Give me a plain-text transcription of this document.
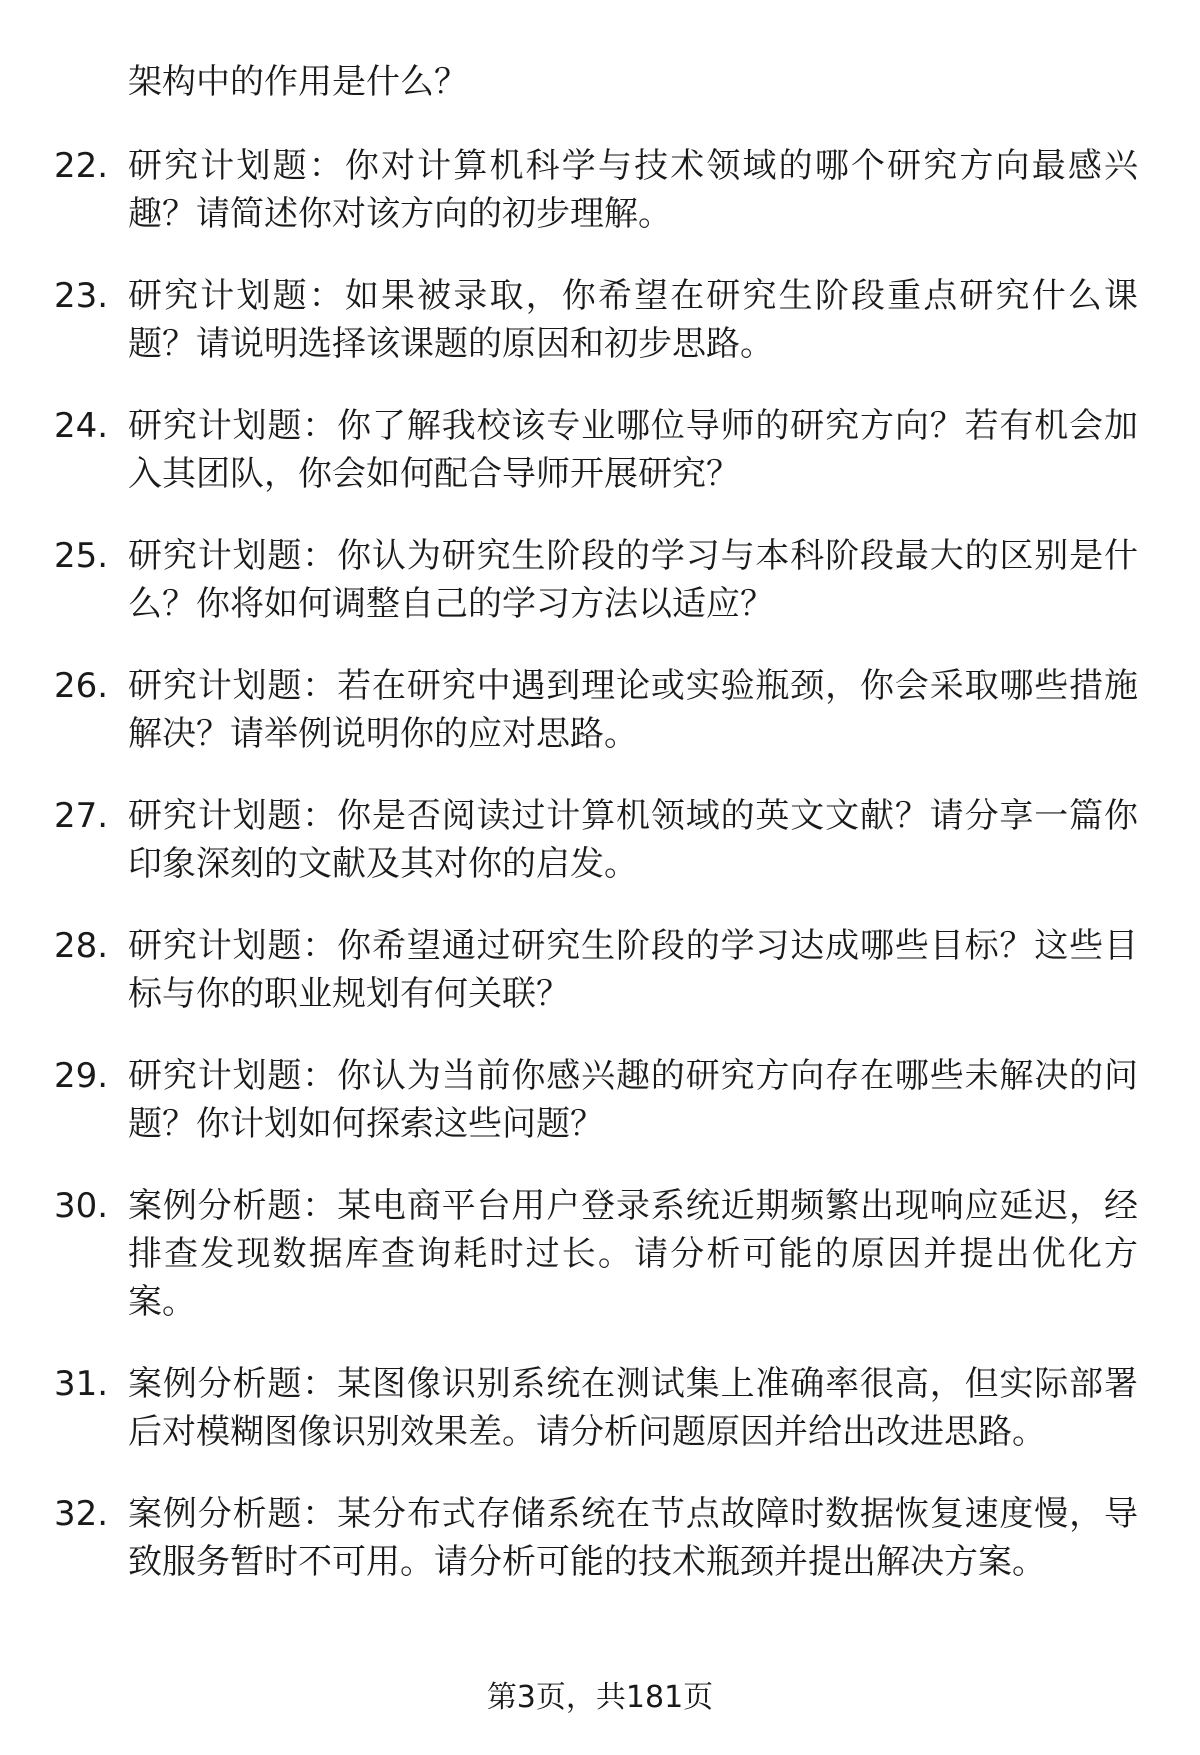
架构中的作用是什么？
22. 研究计划题：你对计算机科学与技术领域的哪个研究方向最感兴趣？请简述你对该方向的初步理解。
23. 研究计划题：如果被录取，你希望在研究生阶段重点研究什么课题？请说明选择该课题的原因和初步思路。
24. 研究计划题：你了解我校该专业哪位导师的研究方向？若有机会加入其团队，你会如何配合导师开展研究？
25. 研究计划题：你认为研究生阶段的学习与本科阶段最大的区别是什么？你将如何调整自己的学习方法以适应？
26. 研究计划题：若在研究中遇到理论或实验瓶颈，你会采取哪些措施解决？请举例说明你的应对思路。
27. 研究计划题：你是否阅读过计算机领域的英文文献？请分享一篇你印象深刻的文献及其对你的启发。
28. 研究计划题：你希望通过研究生阶段的学习达成哪些目标？这些目标与你的职业规划有何关联？
29. 研究计划题：你认为当前你感兴趣的研究方向存在哪些未解决的问题？你计划如何探索这些问题？
30. 案例分析题：某电商平台用户登录系统近期频繁出现响应延迟，经排查发现数据库查询耗时过长。请分析可能的原因并提出优化方案。
31. 案例分析题：某图像识别系统在测试集上准确率很高，但实际部署后对模糊图像识别效果差。请分析问题原因并给出改进思路。
32. 案例分析题：某分布式存储系统在节点故障时数据恢复速度慢，导致服务暂时不可用。请分析可能的技术瓶颈并提出解决方案。
第3页，共181页
